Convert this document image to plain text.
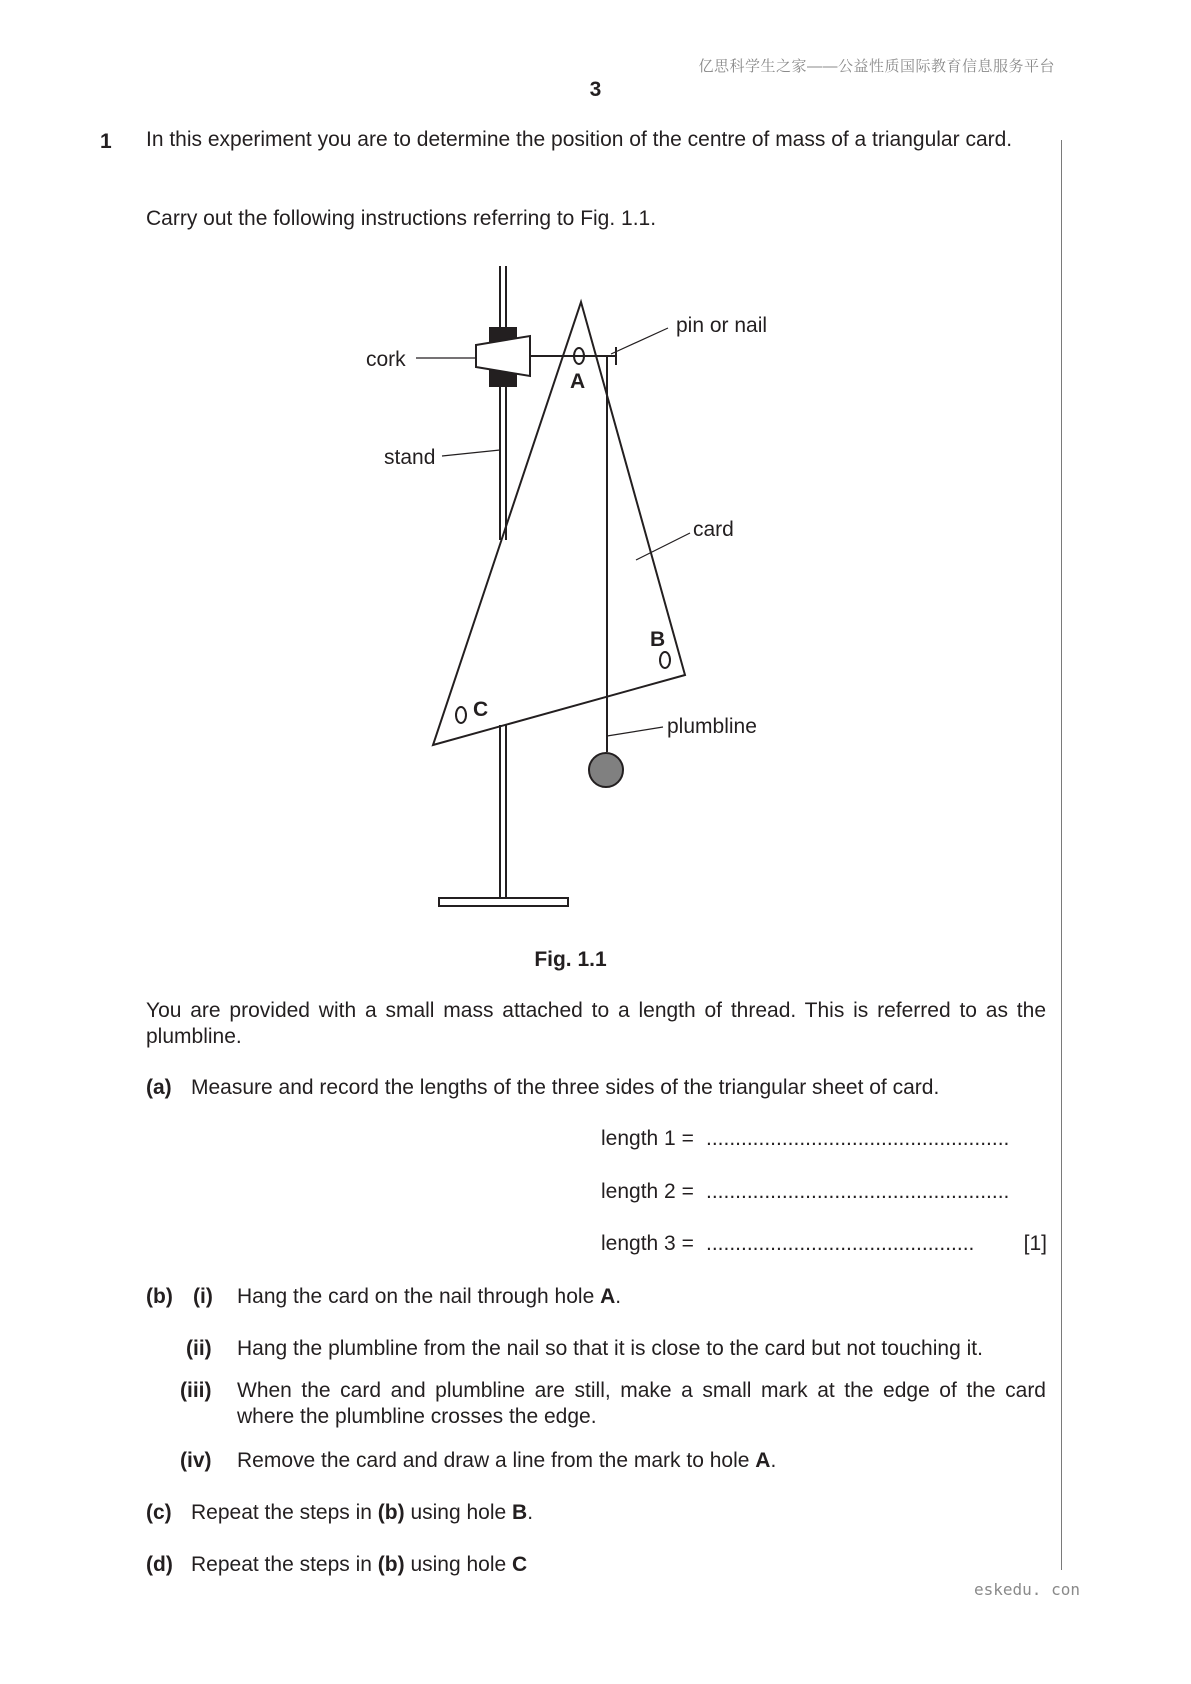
亿思科学生之家——公益性质国际教育信息服务平台
3
1 In this experiment you are to determine the position of the centre of mass of a triangular card.
Carry out the following instructions referring to Fig. 1.1.
pin or nail
cork
stand
card
plumbline
A
B
C
Fig. 1.1
You are provided with a small mass attached to a length of thread. This is referred to as the plumbline.
(a) Measure and record the lengths of the three sides of the triangular sheet of card.
length 1 = ....................................................
length 2 = ....................................................
length 3 = .............................................. [1]
(b) (i) Hang the card on the nail through hole A.
(ii) Hang the plumbline from the nail so that it is close to the card but not touching it.
(iii) When the card and plumbline are still, make a small mark at the edge of the card where the plumbline crosses the edge.
(iv) Remove the card and draw a line from the mark to hole A.
(c) Repeat the steps in (b) using hole B.
(d) Repeat the steps in (b) using hole C
eskedu. con
